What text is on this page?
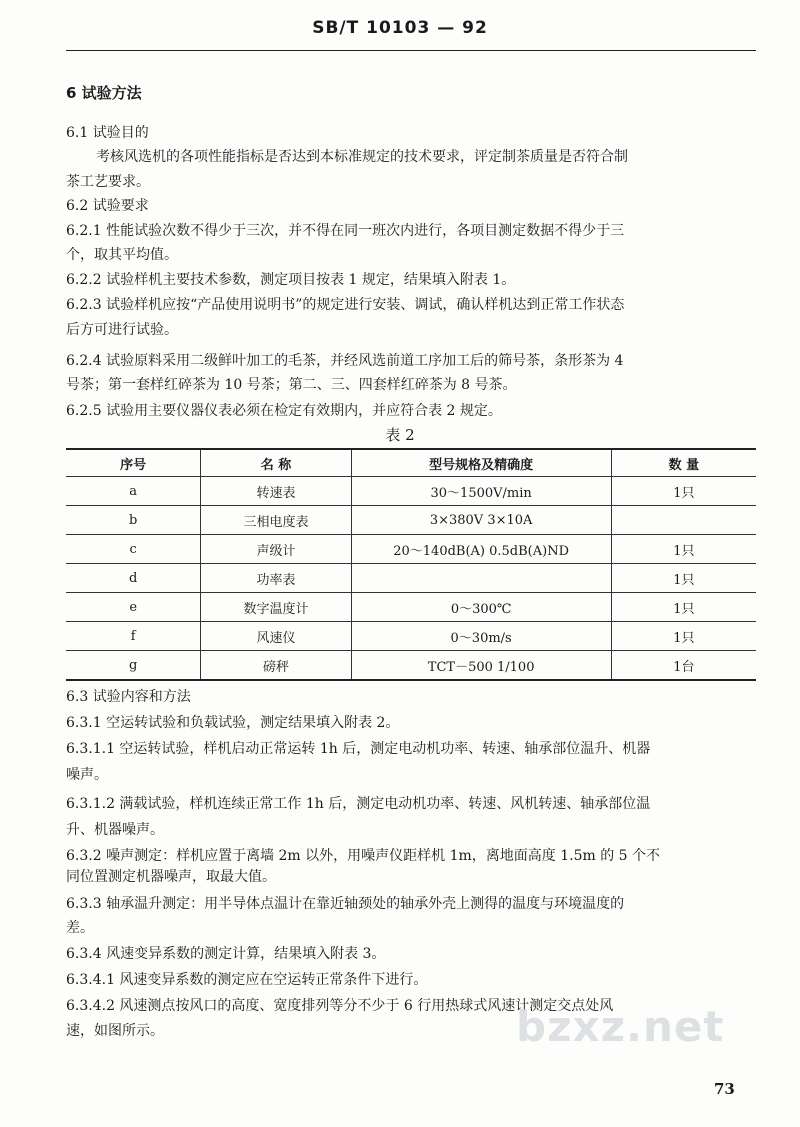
SB/T 10103 — 92
6 试验方法
6.1 试验目的
考核风选机的各项性能指标是否达到本标准规定的技术要求，评定制茶质量是否符合制
茶工艺要求。
6.2 试验要求
6.2.1 性能试验次数不得少于三次，并不得在同一班次内进行，各项目测定数据不得少于三
个，取其平均值。
6.2.2 试验样机主要技术参数，测定项目按表 1 规定，结果填入附表 1。
6.2.3 试验样机应按“产品使用说明书”的规定进行安装、调试，确认样机达到正常工作状态
后方可进行试验。
6.2.4 试验原料采用二级鲜叶加工的毛茶，并经风选前道工序加工后的筛号茶，条形茶为 4
号茶；第一套样红碎茶为 10 号茶；第二、三、四套样红碎茶为 8 号茶。
6.2.5 试验用主要仪器仪表必须在检定有效期内，并应符合表 2 规定。
表 2
序号	名 称	型号规格及精确度	数 量
a	转速表	30～1500V/min	1只
b	三相电度表	3×380V 3×10A	
c	声级计	20～140dB(A) 0.5dB(A)ND	1只
d	功率表		1只
e	数字温度计	0～300℃	1只
f	风速仪	0～30m/s	1只
g	磅秤	TCT－500 1/100	1台
6.3 试验内容和方法
6.3.1 空运转试验和负载试验，测定结果填入附表 2。
6.3.1.1 空运转试验，样机启动正常运转 1h 后，测定电动机功率、转速、轴承部位温升、机器
噪声。
6.3.1.2 满载试验，样机连续正常工作 1h 后，测定电动机功率、转速、风机转速、轴承部位温
升、机器噪声。
6.3.2 噪声测定：样机应置于离墙 2m 以外，用噪声仪距样机 1m，离地面高度 1.5m 的 5 个不
同位置测定机器噪声，取最大值。
6.3.3 轴承温升测定：用半导体点温计在靠近轴颈处的轴承外壳上测得的温度与环境温度的
差。
6.3.4 风速变异系数的测定计算，结果填入附表 3。
6.3.4.1 风速变异系数的测定应在空运转正常条件下进行。
6.3.4.2 风速测点按风口的高度、宽度排列等分不少于 6 行用热球式风速计测定交点处风
速，如图所示。	bzxz.net
73
